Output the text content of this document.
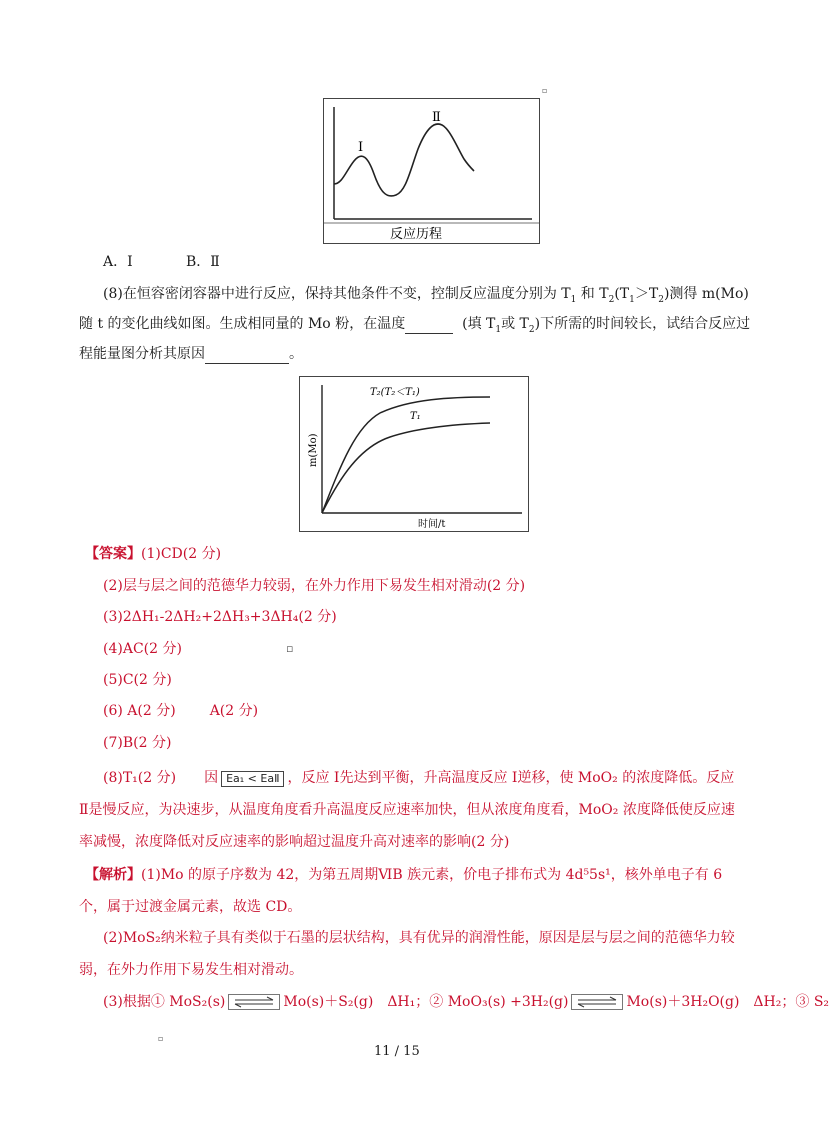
▫
Ⅰ
Ⅱ
反应历程
A．Ⅰ	B．Ⅱ
(8)在恒容密闭容器中进行反应，保持其他条件不变，控制反应温度分别为 $T_1$ 和 $T_2(T_1>T_2)$测得 m(Mo)
随 t 的变化曲线如图。生成相同量的 Mo 粉，在温度	(填 $T_1$或 $T_2$)下所需的时间较长，试结合反应过
程能量图分析其原因	。
T₂(T₂＜T₁)
T₁
m(Mo)
时间/t
【答案】(1)CD(2 分)
(2)层与层之间的范德华力较弱，在外力作用下易发生相对滑动(2 分)
(3)2ΔH₁-2ΔH₂+2ΔH₃+3ΔH₄(2 分)
(4)AC(2 分)	▫
(5)C(2 分)
(6) A(2 分) A(2 分)
(7)B(2 分)
(8)T₁(2 分) 因 Ea₁ < EaⅡ ，反应 Ⅰ先达到平衡，升高温度反应 Ⅰ逆移，使 MoO₂ 的浓度降低。反应
Ⅱ是慢反应，为决速步，从温度角度看升高温度反应速率加快，但从浓度角度看，MoO₂ 浓度降低使反应速
率减慢，浓度降低对反应速率的影响超过温度升高对速率的影响(2 分)
【解析】(1)Mo 的原子序数为 42，为第五周期ⅥB 族元素，价电子排布式为 4d⁵5s¹，核外单电子有 6
个，属于过渡金属元素，故选 CD。
(2)MoS₂纳米粒子具有类似于石墨的层状结构，具有优异的润滑性能，原因是层与层之间的范德华力较
弱，在外力作用下易发生相对滑动。
(3)根据① MoS₂(s)	Mo(s)＋S₂(g)　ΔH₁；② MoO₃(s) +3H₂(g)	Mo(s)＋3H₂O(g)　ΔH₂；③ S₂
▫
11 / 15
